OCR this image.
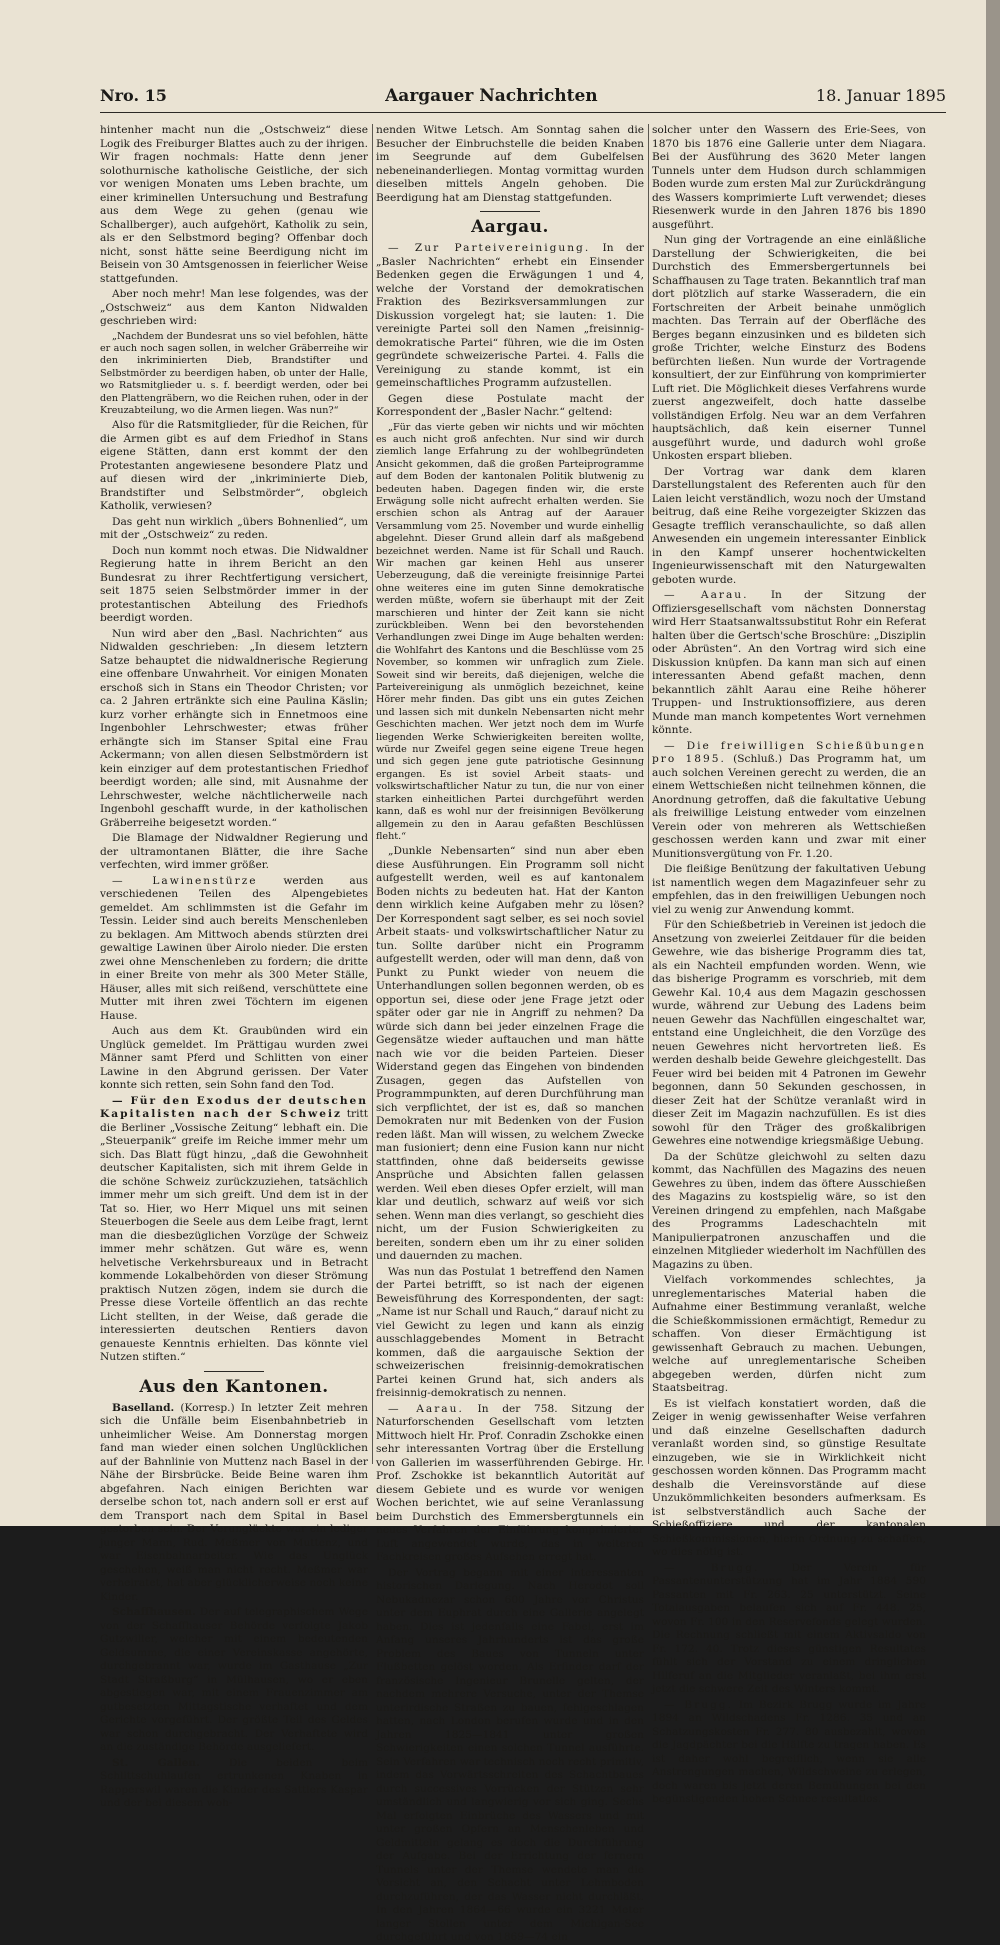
Nro. 15	Aargauer Nachrichten	18. Januar 1895

hintenher macht nun die „Ostschweiz“ diese Logik des Freiburger Blattes auch zu der ihrigen. Wir fragen nochmals: Hatte denn jener solothurnische katholische Geistliche, der sich vor wenigen Monaten ums Leben brachte, um einer kriminellen Untersuchung und Bestrafung aus dem Wege zu gehen (genau wie Schallberger), auch aufgehört, Katholik zu sein, als er den Selbstmord beging? Offenbar doch nicht, sonst hätte seine Beerdigung nicht im Beisein von 30 Amtsgenossen in feierlicher Weise stattgefunden.

Aber noch mehr! Man lese folgendes, was der „Ostschweiz“ aus dem Kanton Nidwalden geschrieben wird:

„Nachdem der Bundesrat uns so viel befohlen, hätte er auch noch sagen sollen, in welcher Gräberreihe wir den inkriminierten Dieb, Brandstifter und Selbstmörder zu beerdigen haben, ob unter der Halle, wo Ratsmitglieder u. s. f. beerdigt werden, oder bei den Plattengräbern, wo die Reichen ruhen, oder in der Kreuzabteilung, wo die Armen liegen. Was nun?“

Also für die Ratsmitglieder, für die Reichen, für die Armen gibt es auf dem Friedhof in Stans eigene Stätten, dann erst kommt der den Protestanten angewiesene besondere Platz und auf diesen wird der „inkriminierte Dieb, Brandstifter und Selbstmörder“, obgleich Katholik, verwiesen?

Das geht nun wirklich „übers Bohnenlied“, um mit der „Ostschweiz“ zu reden.

Doch nun kommt noch etwas. Die Nidwaldner Regierung hatte in ihrem Bericht an den Bundesrat zu ihrer Rechtfertigung versichert, seit 1875 seien Selbstmörder immer in der protestantischen Abteilung des Friedhofs beerdigt worden.

Nun wird aber den „Basl. Nachrichten“ aus Nidwalden geschrieben: „In diesem letztern Satze behauptet die nidwaldnerische Regierung eine offenbare Unwahrheit. Vor einigen Monaten erschoß sich in Stans ein Theodor Christen; vor ca. 2 Jahren ertränkte sich eine Paulina Käslin; kurz vorher erhängte sich in Ennetmoos eine Ingenbohler Lehrschwester; etwas früher erhängte sich im Stanser Spital eine Frau Ackermann; von allen diesen Selbstmördern ist kein einziger auf dem protestantischen Friedhof beerdigt worden; alle sind, mit Ausnahme der Lehrschwester, welche nächtlicherweile nach Ingenbohl geschafft wurde, in der katholischen Gräberreihe beigesetzt worden.“

Die Blamage der Nidwaldner Regierung und der ultramontanen Blätter, die ihre Sache verfechten, wird immer größer.

— Lawinenstürze werden aus verschiedenen Teilen des Alpengebietes gemeldet. Am schlimmsten ist die Gefahr im Tessin. Leider sind auch bereits Menschenleben zu beklagen. Am Mittwoch abends stürzten drei gewaltige Lawinen über Airolo nieder. Die ersten zwei ohne Menschenleben zu fordern; die dritte in einer Breite von mehr als 300 Meter Ställe, Häuser, alles mit sich reißend, verschüttete eine Mutter mit ihren zwei Töchtern im eigenen Hause.

Auch aus dem Kt. Graubünden wird ein Unglück gemeldet. Im Prättigau wurden zwei Männer samt Pferd und Schlitten von einer Lawine in den Abgrund gerissen. Der Vater konnte sich retten, sein Sohn fand den Tod.

— Für den Exodus der deutschen Kapitalisten nach der Schweiz tritt die Berliner „Vossische Zeitung“ lebhaft ein. Die „Steuerpanik“ greife im Reiche immer mehr um sich. Das Blatt fügt hinzu, „daß die Gewohnheit deutscher Kapitalisten, sich mit ihrem Gelde in die schöne Schweiz zurückzuziehen, tatsächlich immer mehr um sich greift. Und dem ist in der Tat so. Hier, wo Herr Miquel uns mit seinen Steuerbogen die Seele aus dem Leibe fragt, lernt man die diesbezüglichen Vorzüge der Schweiz immer mehr schätzen. Gut wäre es, wenn helvetische Verkehrsbureaux und in Betracht kommende Lokalbehörden von dieser Strömung praktisch Nutzen zögen, indem sie durch die Presse diese Vorteile öffentlich an das rechte Licht stellten, in der Weise, daß gerade die interessierten deutschen Rentiers davon genaueste Kenntnis erhielten. Das könnte viel Nutzen stiften.“

Aus den Kantonen.

Baselland. (Korresp.) In letzter Zeit mehren sich die Unfälle beim Eisenbahnbetrieb in unheimlicher Weise. Am Donnerstag morgen fand man wieder einen solchen Unglücklichen auf der Bahnlinie von Muttenz nach Basel in der Nähe der Birsbrücke. Beide Beine waren ihm abgefahren. Nach einigen Berichten war derselbe schon tot, nach andern soll er erst auf dem Transport nach dem Spital in Basel gestorben sein. Der Verunglückte war ein lediger junger Mann, Rud. Meßmer von Muttenz, und war Eisenbahnarbeiter. Wie das Unglück geschehen, weiß man nicht recht. Meßmer war verheiratet, hat aber glücklicherweise noch keine Kinder.

Schaffhausen. Der auf telegraphischem Wege von der Schaffhauser Behörde verfolgte Jakob Gutzwiller, welcher mit einem bedeutenden Geldsumme, die einer Vereinskasse angehörte, durchgebrannt war, wurde im Gasthause „Zur Stadt Straßburg“ in Mülhausen, wo er eben abgestiegen war, mit einem Frauenzimmer am gutbesetzten Mittagstische verhaftet und dem Gerichte vorgeführt. Der größte Teil des Geldes war schon durchgebracht. Der Verhaftete wird an die zuständige Behörde ausgeliefert.

St. Gallen.	Die beiden beim Schlittschuhlaufen ertrunkenen Knaben in Rapperswil waren die Kinder des Sattlers Kaspar und der bei diesem woh-

nenden Witwe Letsch. Am Sonntag sahen die Besucher der Einbruchstelle die beiden Knaben im Seegrunde auf dem Gubelfelsen nebeneinanderliegen. Montag vormittag wurden dieselben mittels Angeln gehoben. Die Beerdigung hat am Dienstag stattgefunden.

Aargau.

— Zur Parteivereinigung. In der „Basler Nachrichten“ erhebt ein Einsender Bedenken gegen die Erwägungen 1 und 4, welche der Vorstand der demokratischen Fraktion des Bezirksversammlungen zur Diskussion vorgelegt hat; sie lauten: 1. Die vereinigte Partei soll den Namen „freisinnig-demokratische Partei“ führen, wie die im Osten gegründete schweizerische Partei. 4. Falls die Vereinigung zu stande kommt, ist ein gemeinschaftliches Programm aufzustellen.

Gegen diese Postulate macht der Korrespondent der „Basler Nachr.“ geltend:

„Für das vierte geben wir nichts und wir möchten es auch nicht groß anfechten. Nur sind wir durch ziemlich lange Erfahrung zu der wohlbegründeten Ansicht gekommen, daß die großen Parteiprogramme auf dem Boden der kantonalen Politik blutwenig zu bedeuten haben. Dagegen finden wir, die erste Erwägung solle nicht aufrecht erhalten werden. Sie erschien schon als Antrag auf der Aarauer Versammlung vom 25. November und wurde einhellig abgelehnt. Dieser Grund allein darf als maßgebend bezeichnet werden. Name ist für Schall und Rauch. Wir machen gar keinen Hehl aus unserer Ueberzeugung, daß die vereinigte freisinnige Partei ohne weiteres eine im guten Sinne demokratische werden müßte, wofern sie überhaupt mit der Zeit marschieren und hinter der Zeit kann sie nicht zurückbleiben. Wenn bei den bevorstehenden Verhandlungen zwei Dinge im Auge behalten werden: die Wohlfahrt des Kantons und die Beschlüsse vom 25 November, so kommen wir unfraglich zum Ziele. Soweit sind wir bereits, daß diejenigen, welche die Parteivereinigung als unmöglich bezeichnet, keine Hörer mehr finden. Das gibt uns ein gutes Zeichen und lassen sich mit dunkeln Nebensarten nicht mehr Geschichten machen. Wer jetzt noch dem im Wurfe liegenden Werke Schwierigkeiten bereiten wollte, würde nur Zweifel gegen seine eigene Treue hegen und sich gegen jene gute patriotische Gesinnung ergangen. Es ist soviel Arbeit staats- und volkswirtschaftlicher Natur zu tun, die nur von einer starken einheitlichen Partei durchgeführt werden kann, daß es wohl nur der freisinnigen Bevölkerung allgemein zu den in Aarau gefaßten Beschlüssen fleht.“

„Dunkle Nebensarten“ sind nun aber eben diese Ausführungen. Ein Programm soll nicht aufgestellt werden, weil es auf kantonalem Boden nichts zu bedeuten hat. Hat der Kanton denn wirklich keine Aufgaben mehr zu lösen? Der Korrespondent sagt selber, es sei noch soviel Arbeit staats- und volkswirtschaftlicher Natur zu tun. Sollte darüber nicht ein Programm aufgestellt werden, oder will man denn, daß von Punkt zu Punkt wieder von neuem die Unterhandlungen sollen begonnen werden, ob es opportun sei, diese oder jene Frage jetzt oder später oder gar nie in Angriff zu nehmen? Da würde sich dann bei jeder einzelnen Frage die Gegensätze wieder auftauchen und man hätte nach wie vor die beiden Parteien. Dieser Widerstand gegen das Eingehen von bindenden Zusagen, gegen das Aufstellen von Programmpunkten, auf deren Durchführung man sich verpflichtet, der ist es, daß so manchen Demokraten nur mit Bedenken von der Fusion reden läßt. Man will wissen, zu welchem Zwecke man fusioniert; denn eine Fusion kann nur nicht stattfinden, ohne daß beiderseits gewisse Ansprüche und Absichten fallen gelassen werden. Weil eben dieses Opfer erzielt, will man klar und deutlich, schwarz auf weiß vor sich sehen. Wenn man dies verlangt, so geschieht dies nicht, um der Fusion Schwierigkeiten zu bereiten, sondern eben um ihr zu einer soliden und dauernden zu machen.

Was nun das Postulat 1 betreffend den Namen der Partei betrifft, so ist nach der eigenen Beweisführung des Korrespondenten, der sagt: „Name ist nur Schall und Rauch,“ darauf nicht zu viel Gewicht zu legen und kann als einzig ausschlaggebendes Moment in Betracht kommen, daß die aargauische Sektion der schweizerischen freisinnig-demokratischen Partei keinen Grund hat, sich anders als freisinnig-demokratisch zu nennen.

— Aarau. In der 758. Sitzung der Naturforschenden Gesellschaft vom letzten Mittwoch hielt Hr. Prof. Conradin Zschokke einen sehr interessanten Vortrag über die Erstellung von Gallerien im wasserführenden Gebirge. Hr. Prof. Zschokke ist bekanntlich Autorität auf diesem Gebiete und es wurde vor wenigen Wochen berichtet, wie auf seine Veranlassung beim Durchstich des Emmersbergtunnels ein neues Verfahren der Einführung komprimierter Luft angewendet wurde, das in weiteren Fachkreisen großes Aufsehen erregt hat.

Der Vortrag begann mit einer interessanten historischen Darlegung. Nach Herodot soll Nebukadnezar schon 600 Jahre vor Christus unter dem Euphrat durch eine Gallerie angelegt haben. Dies ist jedenfalls eine Fabel, erst im Anfang unseres Jahrhunderts ist das große Problem des Baues von Tunneln unter Flußbetten gelöst worden. Als Erfinder darf der französische Ingenieur Brunelle gelten, der nachdem mehrere Versuche, unter der Themse unterirdische Straßen zu bauen, fehlgeschlagen hatten, nach London berufen wurde und in den Jahren 1825—1841 unter großen Schwierigkeiten einen solchen Tunnel ausführte. Sein Verfahren war technisch noch recht primitiv, indem das Vorwärtsschreiten des Schachtbaues durch successives Vorrücken der Stützen sehr umständlich und langwierig vor sich ging. Sechs Mal erfolgten Einbrüche des Wassers und mit unter großen Opfern an Menschenleben und Geldmitteln gelang es doch die Durchführung der Aufgabe. Bei der Errichtung der fernern Tunnels unter der Themse wendete man die Vorsicht an, den Schacht unter Lehmboden durchzuführen, der das Wasser nicht durchläßt. In den Jahren 1864—66 wurde ein 3221 Meter langer Stollen unter dem Michigan-See durchgeführt und von 1869—74 ein

solcher unter den Wassern des Erie-Sees, von 1870 bis 1876 eine Gallerie unter dem Niagara. Bei der Ausführung des 3620 Meter langen Tunnels unter dem Hudson durch schlammigen Boden wurde zum ersten Mal zur Zurückdrängung des Wassers komprimierte Luft verwendet; dieses Riesenwerk wurde in den Jahren 1876 bis 1890 ausgeführt.

Nun ging der Vortragende an eine einläßliche Darstellung der Schwierigkeiten, die bei Durchstich des Emmersbergertunnels bei Schaffhausen zu Tage traten. Bekanntlich traf man dort plötzlich auf starke Wasseradern, die ein Fortschreiten der Arbeit beinahe unmöglich machten. Das Terrain auf der Oberfläche des Berges begann einzusinken und es bildeten sich große Trichter, welche Einsturz des Bodens befürchten ließen. Nun wurde der Vortragende konsultiert, der zur Einführung von komprimierter Luft riet. Die Möglichkeit dieses Verfahrens wurde zuerst angezweifelt, doch hatte dasselbe vollständigen Erfolg. Neu war an dem Verfahren hauptsächlich, daß kein eiserner Tunnel ausgeführt wurde, und dadurch wohl große Unkosten erspart blieben.

Der Vortrag war dank dem klaren Darstellungstalent des Referenten auch für den Laien leicht verständlich, wozu noch der Umstand beitrug, daß eine Reihe vorgezeigter Skizzen das Gesagte trefflich veranschaulichte, so daß allen Anwesenden ein ungemein interessanter Einblick in den Kampf unserer hochentwickelten Ingenieurwissenschaft mit den Naturgewalten geboten wurde.

— Aarau. In der Sitzung der Offiziersgesellschaft vom nächsten Donnerstag wird Herr Staatsanwaltssubstitut Rohr ein Referat halten über die Gertsch'sche Broschüre: „Disziplin oder Abrüsten“. An den Vortrag wird sich eine Diskussion knüpfen. Da kann man sich auf einen interessanten Abend gefaßt machen, denn bekanntlich zählt Aarau eine Reihe höherer Truppen- und Instruktionsoffiziere, aus deren Munde man manch kompetentes Wort vernehmen könnte.

— Die freiwilligen Schießübungen pro 1895. (Schluß.) Das Programm hat, um auch solchen Vereinen gerecht zu werden, die an einem Wettschießen nicht teilnehmen können, die Anordnung getroffen, daß die fakultative Uebung als freiwillige Leistung entweder vom einzelnen Verein oder von mehreren als Wettschießen geschossen werden kann und zwar mit einer Munitionsvergütung von Fr. 1.20.

Die fleißige Benützung der fakultativen Uebung ist namentlich wegen dem Magazinfeuer sehr zu empfehlen, das in den freiwilligen Uebungen noch viel zu wenig zur Anwendung kommt.

Für den Schießbetrieb in Vereinen ist jedoch die Ansetzung von zweierlei Zeitdauer für die beiden Gewehre, wie das bisherige Programm dies tat, als ein Nachteil empfunden worden. Wenn, wie das bisherige Programm es vorschrieb, mit dem Gewehr Kal. 10,4 aus dem Magazin geschossen wurde, während zur Uebung des Ladens beim neuen Gewehr das Nachfüllen eingeschaltet war, entstand eine Ungleichheit, die den Vorzüge des neuen Gewehres nicht hervortreten ließ. Es werden deshalb beide Gewehre gleichgestellt. Das Feuer wird bei beiden mit 4 Patronen im Gewehr begonnen, dann 50 Sekunden geschossen, in dieser Zeit hat der Schütze veranlaßt wird in dieser Zeit im Magazin nachzufüllen. Es ist dies sowohl für den Träger des großkalibrigen Gewehres eine notwendige kriegsmäßige Uebung.

Da der Schütze gleichwohl zu selten dazu kommt, das Nachfüllen des Magazins des neuen Gewehres zu üben, indem das öftere Ausschießen des Magazins zu kostspielig wäre, so ist den Vereinen dringend zu empfehlen, nach Maßgabe des Programms Ladeschachteln mit Manipulierpatronen anzuschaffen und die einzelnen Mitglieder wiederholt im Nachfüllen des Magazins zu üben.

Vielfach vorkommendes schlechtes, ja unreglementarisches Material haben die Aufnahme einer Bestimmung veranlaßt, welche die Schießkommissionen ermächtigt, Remedur zu schaffen. Von dieser Ermächtigung ist gewissenhaft Gebrauch zu machen. Uebungen, welche auf unreglementarische Scheiben abgegeben werden, dürfen nicht zum Staatsbeitrag.

Es ist vielfach konstatiert worden, daß die Zeiger in wenig gewissenhafter Weise verfahren und daß einzelne Gesellschaften dadurch veranlaßt worden sind, so günstige Resultate einzugeben, wie sie in Wirklichkeit nicht geschossen worden können. Das Programm macht deshalb die Vereinsvorstände auf diese Unzukömmlichkeiten besonders aufmerksam. Es ist selbstverständlich auch Sache der Schießoffiziere und der kantonalen Schießkommissionen, hierin Ordnung zu schaffen, wo dies nötig ist.

— Brugg.	Der Verein für Passantenunterstützung hat im Jahr 1884 590 Passanten mit Fr. 263. 25 unterstützt. Seine Totalausgaben belaufen sich auf Fr. 448. 25, wovon Fr. 100 in den Reservefonds gelegt wurden. Die Rechnung schließt mit einem Aktivsaldo von Fr. 172. 40. Trotz dieses günstigen Resultates fühlt sich der Vorstand zu einem dringlichen Hilferuf an die Mitglieder veranlaßt, bei ihm erst jetzt die schwere Zeit des Winters kommt.

— Brugg. Im Bezirk Brugg wurde im Jahre 1894 an Wildschadens Fr. 1286. 35 und an Schatzungskosten Fr. 277. 80 ausbezahlt, wovon die Jagdpächter bei die Hälfte zu tragen haben. Es ist daher wohl begreiflich, wenn sie alle Anstrengungen machen, Wildschweine zu erlegen, doch waren bis jetzt deren Bemühungen bei den begünstigenden hohen Schnee resultatlos.
